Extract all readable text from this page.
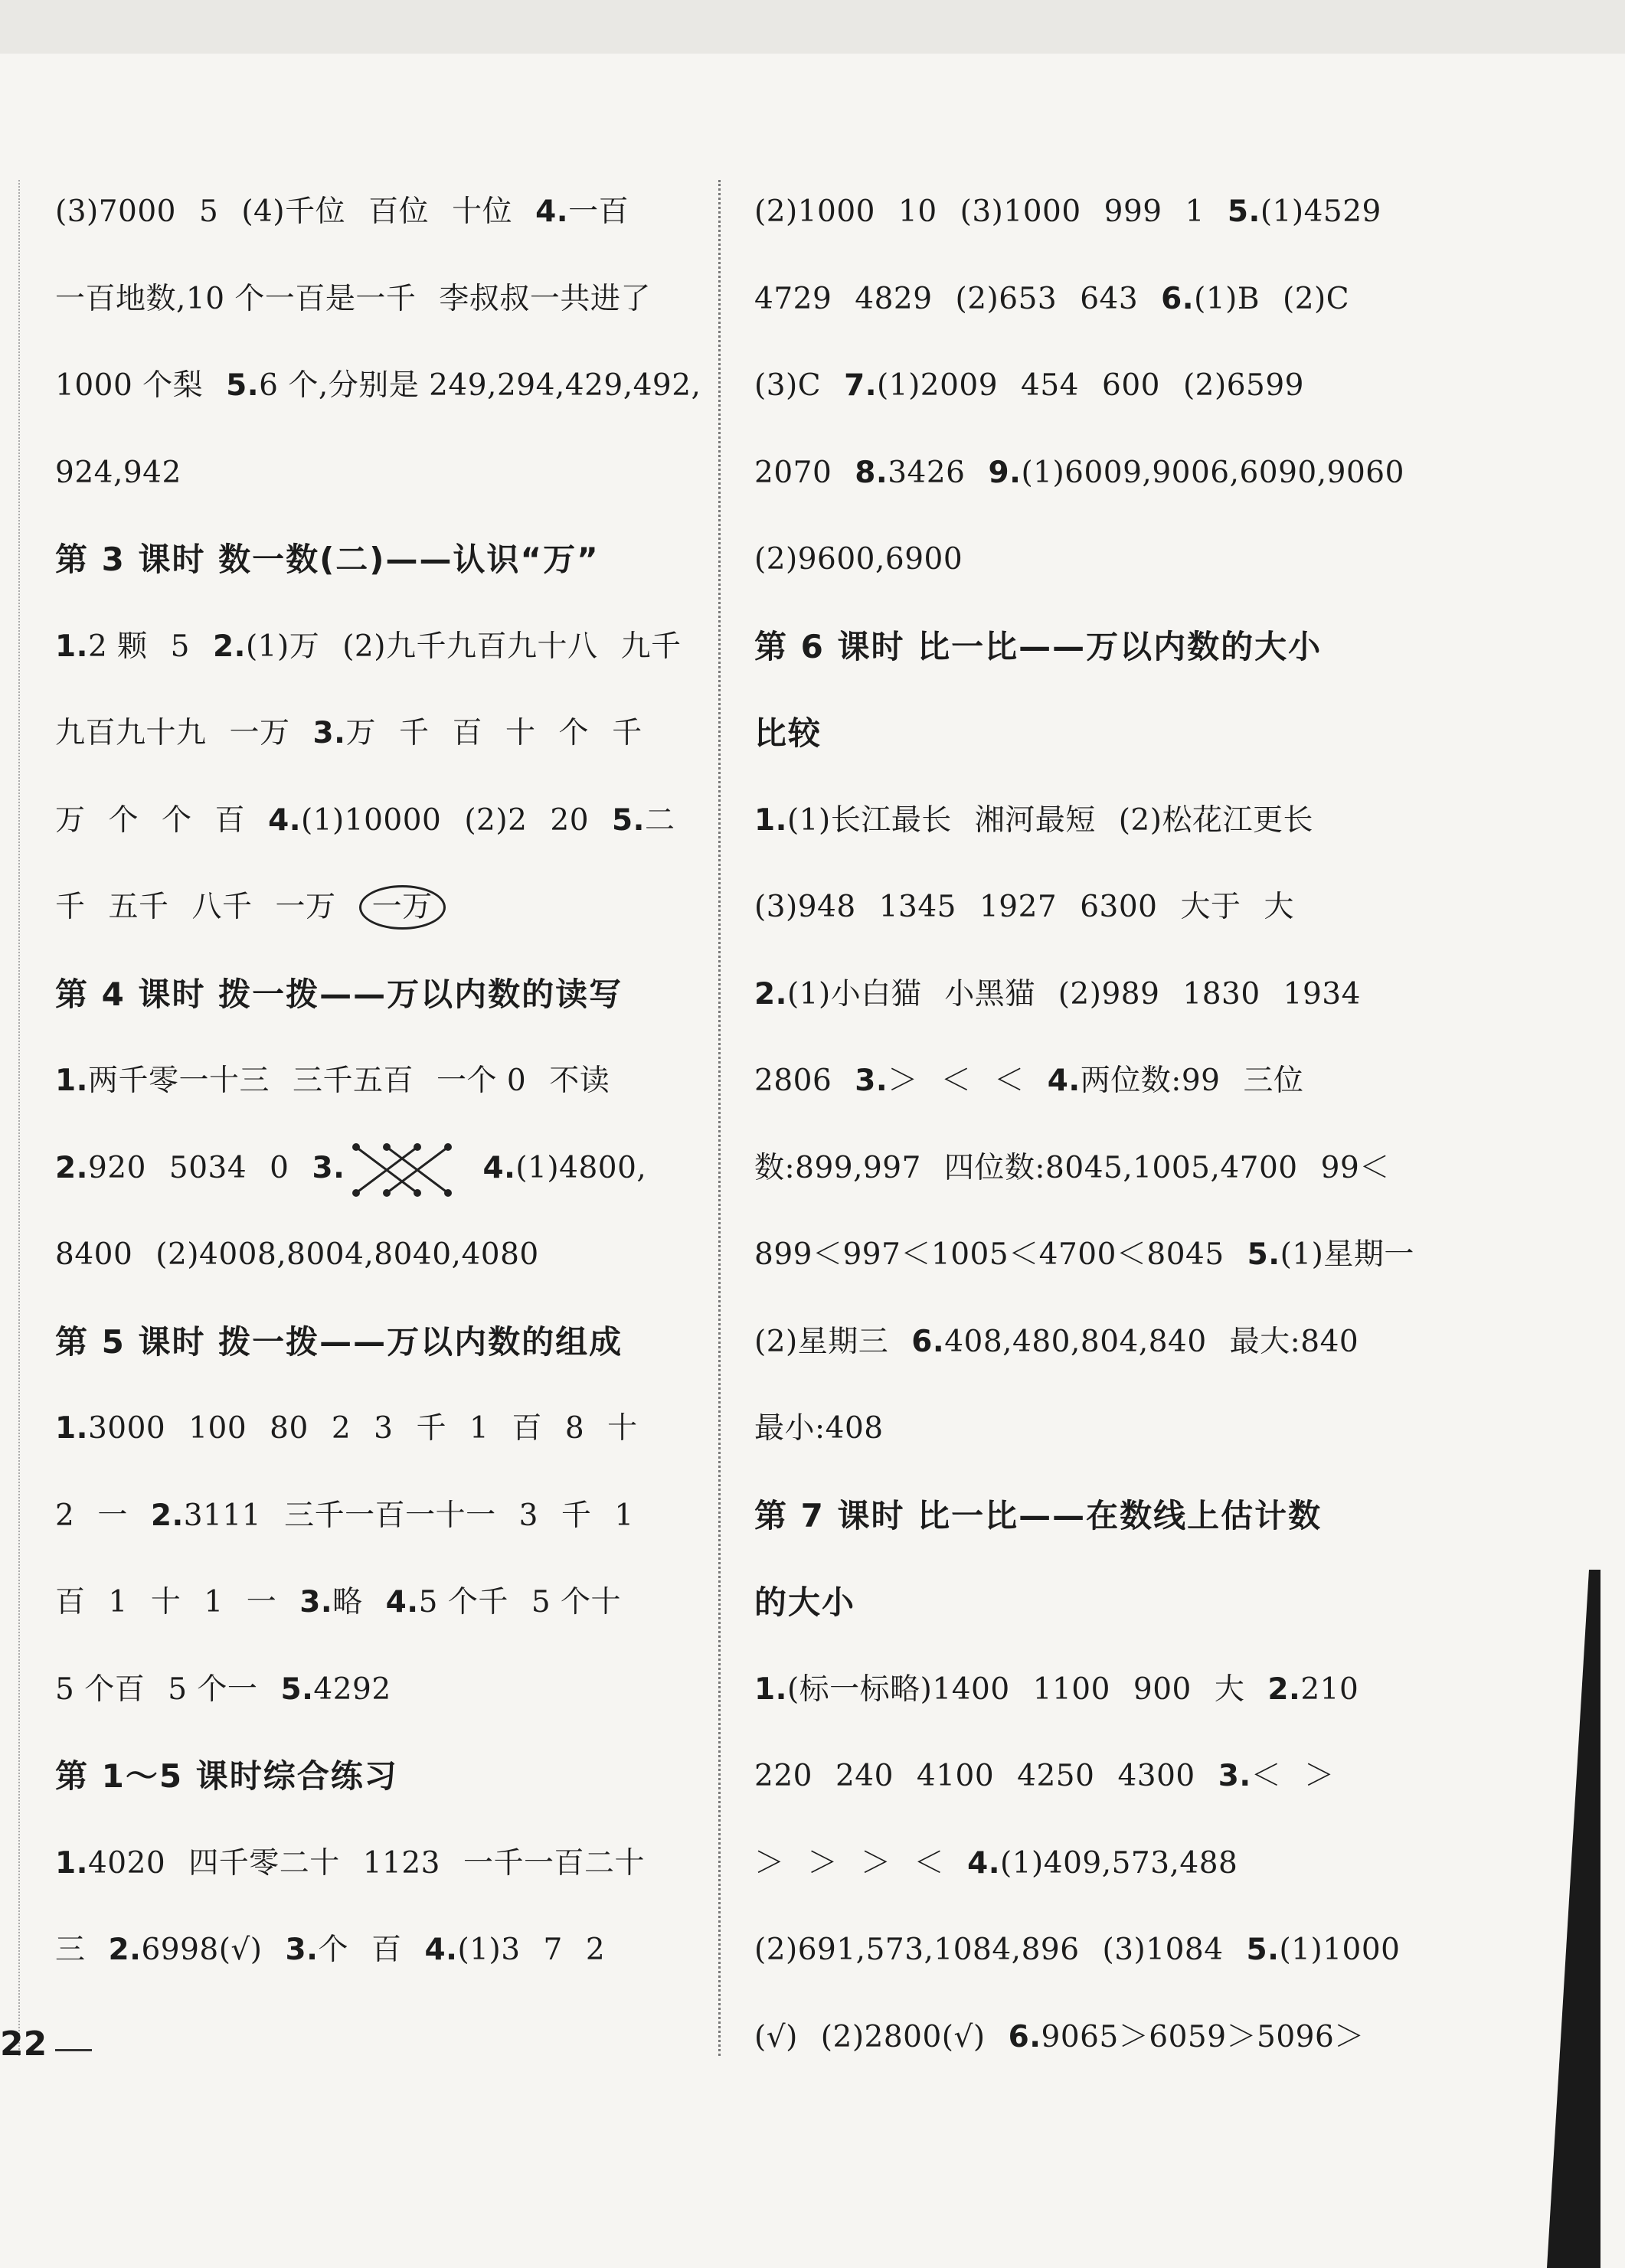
(3)7000 5 (4)千位 百位 十位 4.一百
一百地数,10 个一百是一千 李叔叔一共进了
1000 个梨 5.6 个,分别是 249,294,429,492,
924,942
第 3 课时 数一数(二)——认识“万”
1.2 颗 5 2.(1)万 (2)九千九百九十八 九千
九百九十九 一万 3.万 千 百 十 个 千
万 个 个 百 4.(1)10000 (2)2 20 5.二
千 五千 八千 一万 一万
第 4 课时 拨一拨——万以内数的读写
1.两千零一十三 三千五百 一个 0 不读
2.920 5034 0 3.	4.(1)4800,
8400 (2)4008,8004,8040,4080
第 5 课时 拨一拨——万以内数的组成
1.3000 100 80 2 3 千 1 百 8 十
2 一 2.3111 三千一百一十一 3 千 1
百 1 十 1 一 3.略 4.5 个千 5 个十
5 个百 5 个一 5.4292
第 1～5 课时综合练习
1.4020 四千零二十 1123 一千一百二十
三 2.6998(√) 3.个 百 4.(1)3 7 2
(2)1000 10 (3)1000 999 1 5.(1)4529
4729 4829 (2)653 643 6.(1)B (2)C
(3)C 7.(1)2009 454 600 (2)6599
2070 8.3426 9.(1)6009,9006,6090,9060
(2)9600,6900
第 6 课时 比一比——万以内数的大小
比较
1.(1)长江最长 湘河最短 (2)松花江更长
(3)948 1345 1927 6300 大于 大
2.(1)小白猫 小黑猫 (2)989 1830 1934
2806 3.＞ ＜ ＜ 4.两位数:99 三位
数:899,997 四位数:8045,1005,4700 99＜
899＜997＜1005＜4700＜8045 5.(1)星期一
(2)星期三 6.408,480,804,840 最大:840
最小:408
第 7 课时 比一比——在数线上估计数
的大小
1.(标一标略)1400 1100 900 大 2.210
220 240 4100 4250 4300 3.＜ ＞
＞ ＞ ＞ ＜ 4.(1)409,573,488
(2)691,573,1084,896 (3)1084 5.(1)1000
(√) (2)2800(√) 6.9065＞6059＞5096＞
22
